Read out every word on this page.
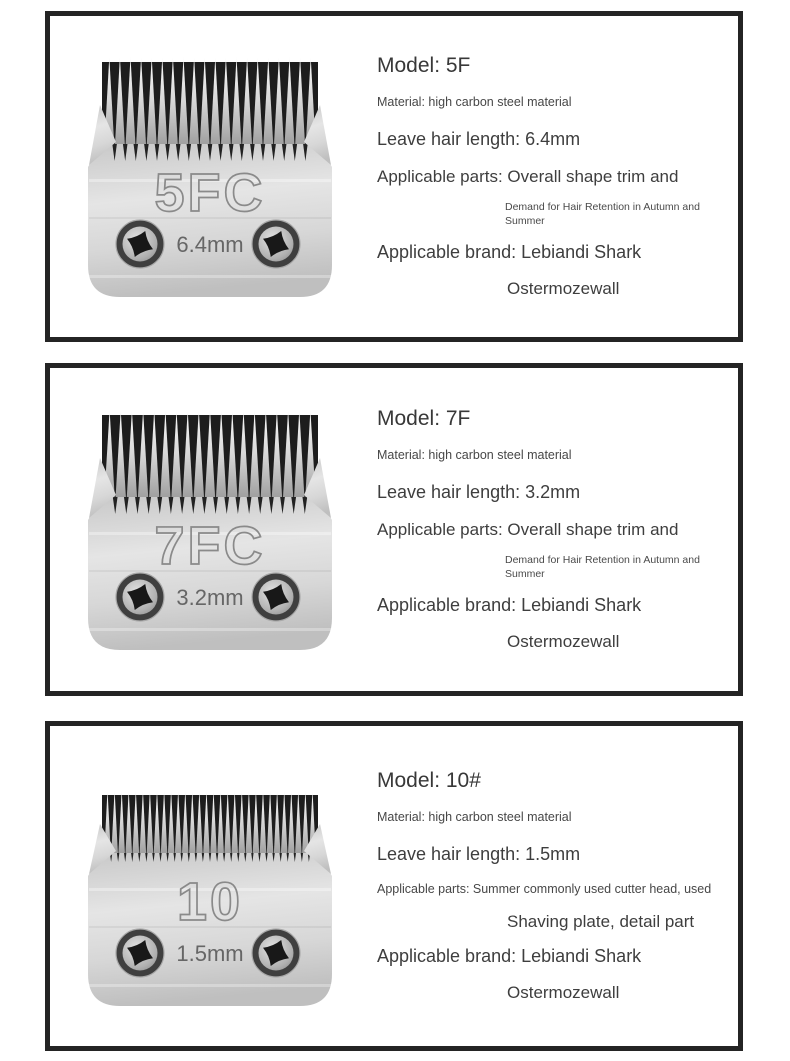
5FC
6.4mm

Model: 5F

Material: high carbon steel material

Leave hair length: 6.4mm

Applicable parts: Overall shape trim and

Demand for Hair Retention in Autumn and Summer

Applicable brand: Lebiandi Shark

Ostermozewall

7FC
3.2mm

Model: 7F

Material: high carbon steel material

Leave hair length: 3.2mm

Applicable parts: Overall shape trim and

Demand for Hair Retention in Autumn and Summer

Applicable brand: Lebiandi Shark

Ostermozewall

10
1.5mm

Model: 10#

Material: high carbon steel material

Leave hair length: 1.5mm

Applicable parts: Summer commonly used cutter head, used

Shaving plate, detail part

Applicable brand: Lebiandi Shark

Ostermozewall
